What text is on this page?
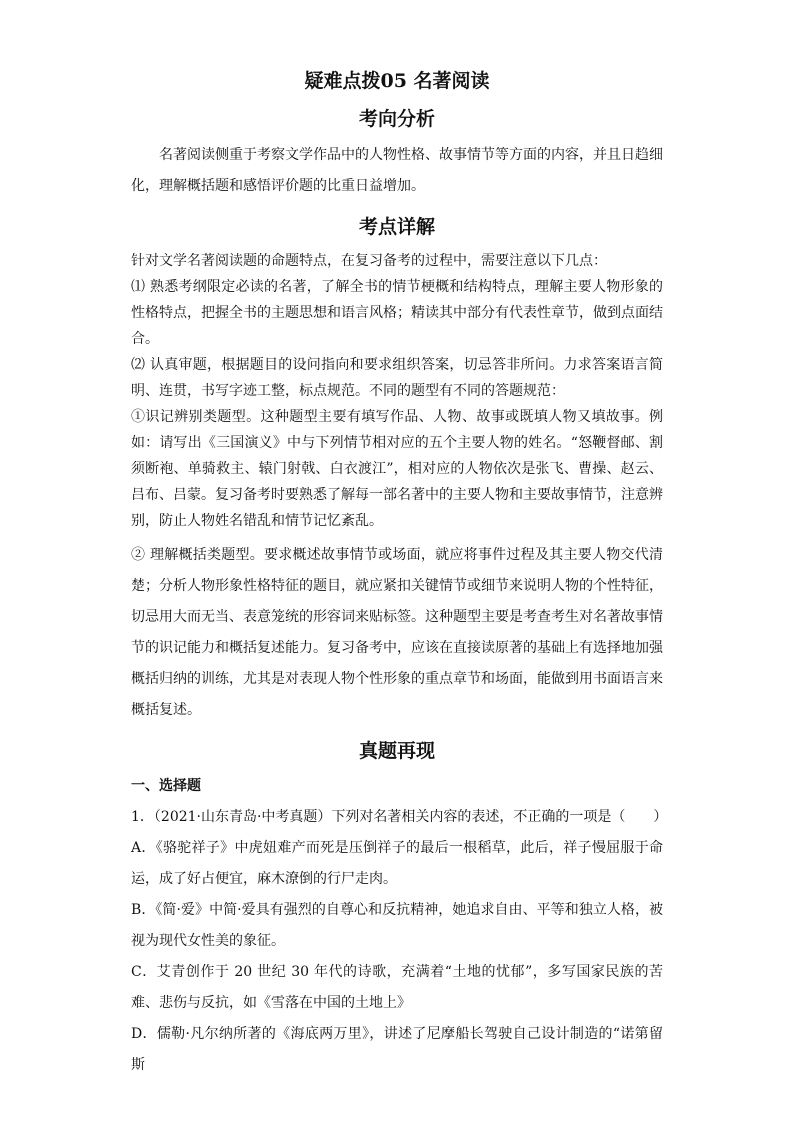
疑难点拨05 名著阅读
考向分析

名著阅读侧重于考察文学作品中的人物性格、故事情节等方面的内容，并且日趋细化，理解概括题和感悟评价题的比重日益增加。

考点详解

针对文学名著阅读题的命题特点，在复习备考的过程中，需要注意以下几点：

⑴ 熟悉考纲限定必读的名著，了解全书的情节梗概和结构特点，理解主要人物形象的性格特点，把握全书的主题思想和语言风格；精读其中部分有代表性章节，做到点面结合。

⑵ 认真审题，根据题目的设问指向和要求组织答案，切忌答非所问。力求答案语言简明、连贯，书写字迹工整，标点规范。不同的题型有不同的答题规范：

①识记辨别类题型。这种题型主要有填写作品、人物、故事或既填人物又填故事。例如：请写出《三国演义》中与下列情节相对应的五个主要人物的姓名。“怒鞭督邮、割须断袍、单骑救主、辕门射戟、白衣渡江”，相对应的人物依次是张飞、曹操、赵云、吕布、吕蒙。复习备考时要熟悉了解每一部名著中的主要人物和主要故事情节，注意辨别，防止人物姓名错乱和情节记忆紊乱。

② 理解概括类题型。要求概述故事情节或场面，就应将事件过程及其主要人物交代清楚；分析人物形象性格特征的题目，就应紧扣关键情节或细节来说明人物的个性特征，切忌用大而无当、表意笼统的形容词来贴标签。这种题型主要是考查考生对名著故事情节的识记能力和概括复述能力。复习备考中，应该在直接读原著的基础上有选择地加强概括归纳的训练，尤其是对表现人物个性形象的重点章节和场面，能做到用书面语言来概括复述。

真题再现

一、选择题

1．（2021·山东青岛·中考真题）下列对名著相关内容的表述，不正确的一项是（　　）

A．《骆驼祥子》中虎妞难产而死是压倒祥子的最后一根稻草，此后，祥子慢屈服于命运，成了好占便宜，麻木潦倒的行尸走肉。

B．《简·爱》中简·爱具有强烈的自尊心和反抗精神，她追求自由、平等和独立人格，被视为现代女性美的象征。

C．艾青创作于 20 世纪 30 年代的诗歌，充满着“土地的忧郁”，多写国家民族的苦难、悲伤与反抗，如《雪落在中国的土地上》

D．儒勒·凡尔纳所著的《海底两万里》，讲述了尼摩船长驾驶自己设计制造的“诺第留斯
